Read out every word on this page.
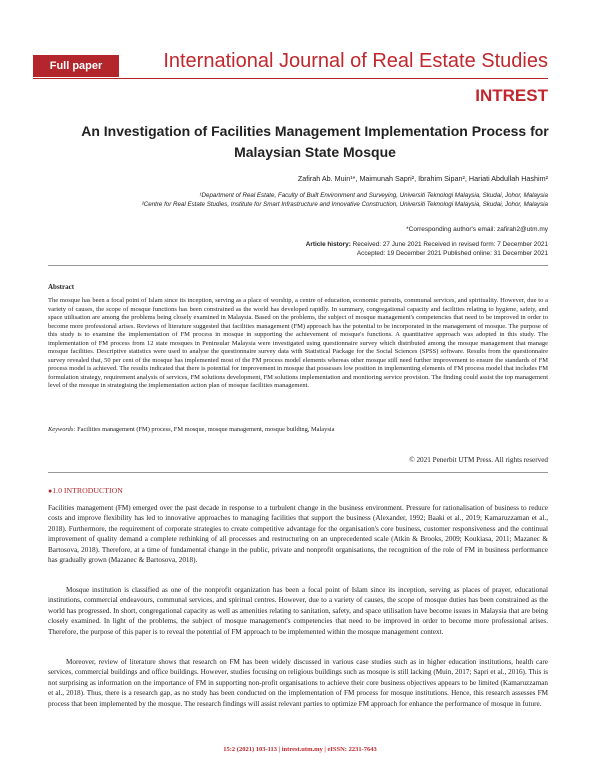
Full paper	International Journal of Real Estate Studies
INTREST
An Investigation of Facilities Management Implementation Process for Malaysian State Mosque
Zafirah Ab. Muin¹*, Maimunah Sapri², Ibrahim Sipan², Hariati Abdullah Hashim²
¹Department of Real Estate, Faculty of Built Environment and Surveying, Universiti Teknologi Malaysia, Skudai, Johor, Malaysia
²Centre for Real Estate Studies, Institute for Smart Infrastructure and Innovative Construction, Universiti Teknologi Malaysia, Skudai, Johor, Malaysia
*Corresponding author's email: zafirah2@utm.my
Article history: Received: 27 June 2021 Received in revised form: 7 December 2021
Accepted: 19 December 2021 Published online: 31 December 2021
Abstract
The mosque has been a focal point of Islam since its inception, serving as a place of worship, a centre of education, economic pursuits, communal services, and spirituality. However, due to a variety of causes, the scope of mosque functions has been constrained as the world has developed rapidly. In summary, congregational capacity and facilities relating to hygiene, safety, and space utilisation are among the problems being closely examined in Malaysia. Based on the problems, the subject of mosque management's competencies that need to be improved in order to become more professional arises. Reviews of literature suggested that facilities management (FM) approach has the potential to be incorporated in the management of mosque. The purpose of this study is to examine the implementation of FM process in mosque in supporting the achievement of mosque's functions. A quantitative approach was adopted in this study. The implementation of FM process from 12 state mosques in Peninsular Malaysia were investigated using questionnaire survey which distributed among the mosque management that manage mosque facilities. Descriptive statistics were used to analyse the questionnaire survey data with Statistical Package for the Social Sciences (SPSS) software. Results from the questionnaire survey revealed that, 50 per cent of the mosque has implemented most of the FM process model elements whereas other mosque still need further improvement to ensure the standards of FM process model is achieved. The results indicated that there is potential for improvement in mosque that possesses low position in implementing elements of FM process model that includes FM formulation strategy, requirement analysis of services, FM solutions development, FM solutions implementation and monitoring service provision. The finding could assist the top management level of the mosque in strategising the implementation action plan of mosque facilities management.
Keywords: Facilities management (FM) process, FM mosque, mosque management, mosque building, Malaysia
© 2021 Penerbit UTM Press. All rights reserved
●1.0 INTRODUCTION
Facilities management (FM) emerged over the past decade in response to a turbulent change in the business environment. Pressure for rationalisation of business to reduce costs and improve flexibility has led to innovative approaches to managing facilities that support the business (Alexander, 1992; Baaki et al., 2019; Kamaruzzaman et al., 2018). Furthermore, the requirement of corporate strategies to create competitive advantage for the organisation's core business, customer responsiveness and the continual improvement of quality demand a complete rethinking of all processes and restructuring on an unprecedented scale (Atkin & Brooks, 2009; Koukiasa, 2011; Mazanec & Bartosova, 2018). Therefore, at a time of fundamental change in the public, private and nonprofit organisations, the recognition of the role of FM in business performance has gradually grown (Mazanec & Bartosova, 2018).
Mosque institution is classified as one of the nonprofit organization has been a focal point of Islam since its inception, serving as places of prayer, educational institutions, commercial endeavours, communal services, and spiritual centres. However, due to a variety of causes, the scope of mosque duties has been constrained as the world has progressed. In short, congregational capacity as well as amenities relating to sanitation, safety, and space utilisation have become issues in Malaysia that are being closely examined. In light of the problems, the subject of mosque management's competencies that need to be improved in order to become more professional arises. Therefore, the purpose of this paper is to reveal the potential of FM approach to be implemented within the mosque management context.
Moreover, review of literature shows that research on FM has been widely discussed in various case studies such as in higher education institutions, health care services, commercial buildings and office buildings. However, studies focusing on religious buildings such as mosque is still lacking (Muin, 2017; Sapri et al., 2016). This is not surprising as information on the importance of FM in supporting non-profit organisations to achieve their core business objectives appears to be limited (Kamaruzzaman et al., 2018). Thus, there is a research gap, as no study has been conducted on the implementation of FM process for mosque institutions. Hence, this research assesses FM process that been implemented by the mosque. The research findings will assist relevant parties to optimize FM approach for enhance the performance of mosque in future.
15:2 (2021) 103-113 | intrest.utm.my | eISSN: 2231-7643
